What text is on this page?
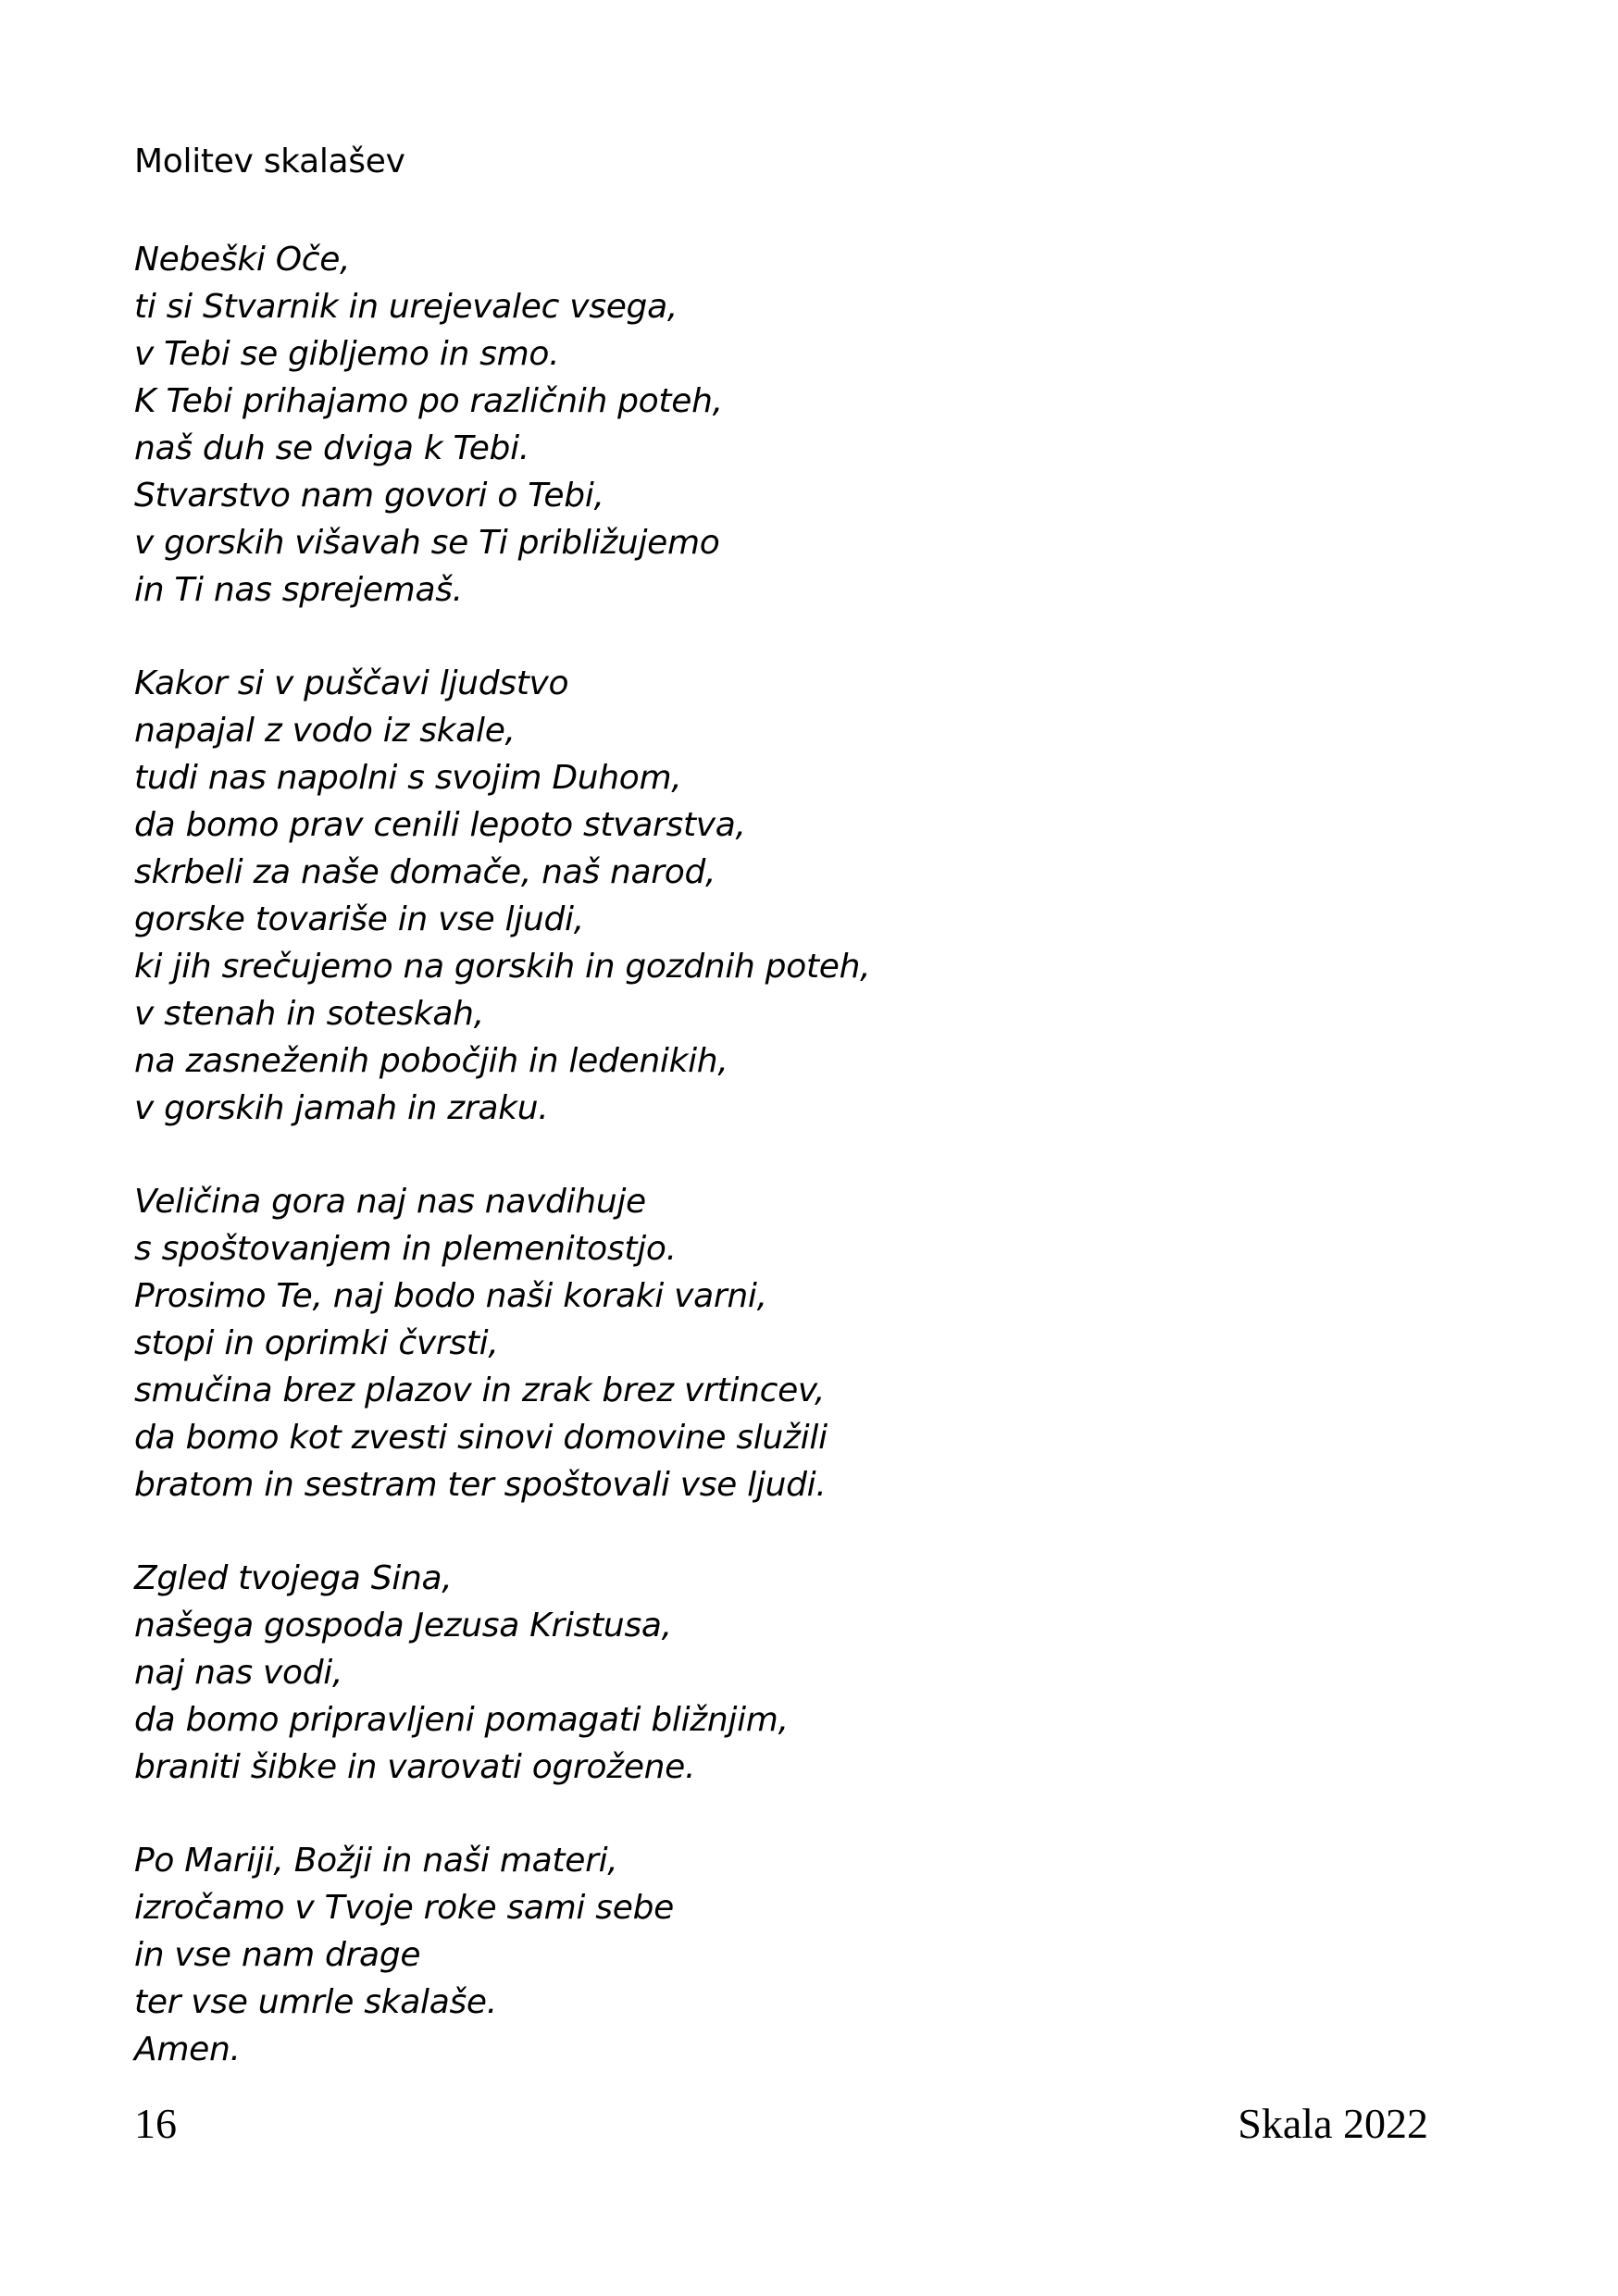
Molitev skalašev
Nebeški Oče,
ti si Stvarnik in urejevalec vsega,
v Tebi se gibljemo in smo.
K Tebi prihajamo po različnih poteh,
naš duh se dviga k Tebi.
Stvarstvo nam govori o Tebi,
v gorskih višavah se Ti približujemo
in Ti nas sprejemaš.
Kakor si v puščavi ljudstvo
napajal z vodo iz skale,
tudi nas napolni s svojim Duhom,
da bomo prav cenili lepoto stvarstva,
skrbeli za naše domače, naš narod,
gorske tovariše in vse ljudi,
ki jih srečujemo na gorskih in gozdnih poteh,
v stenah in soteskah,
na zasneženih pobočjih in ledenikih,
v gorskih jamah in zraku.
Veličina gora naj nas navdihuje
s spoštovanjem in plemenitostjo.
Prosimo Te, naj bodo naši koraki varni,
stopi in oprimki čvrsti,
smučina brez plazov in zrak brez vrtincev,
da bomo kot zvesti sinovi domovine služili
bratom in sestram ter spoštovali vse ljudi.
Zgled tvojega Sina,
našega gospoda Jezusa Kristusa,
naj nas vodi,
da bomo pripravljeni pomagati bližnjim,
braniti šibke in varovati ogrožene.
Po Mariji, Božji in naši materi,
izročamo v Tvoje roke sami sebe
in vse nam drage
ter vse umrle skalaše.
Amen.
16	Skala 2022
